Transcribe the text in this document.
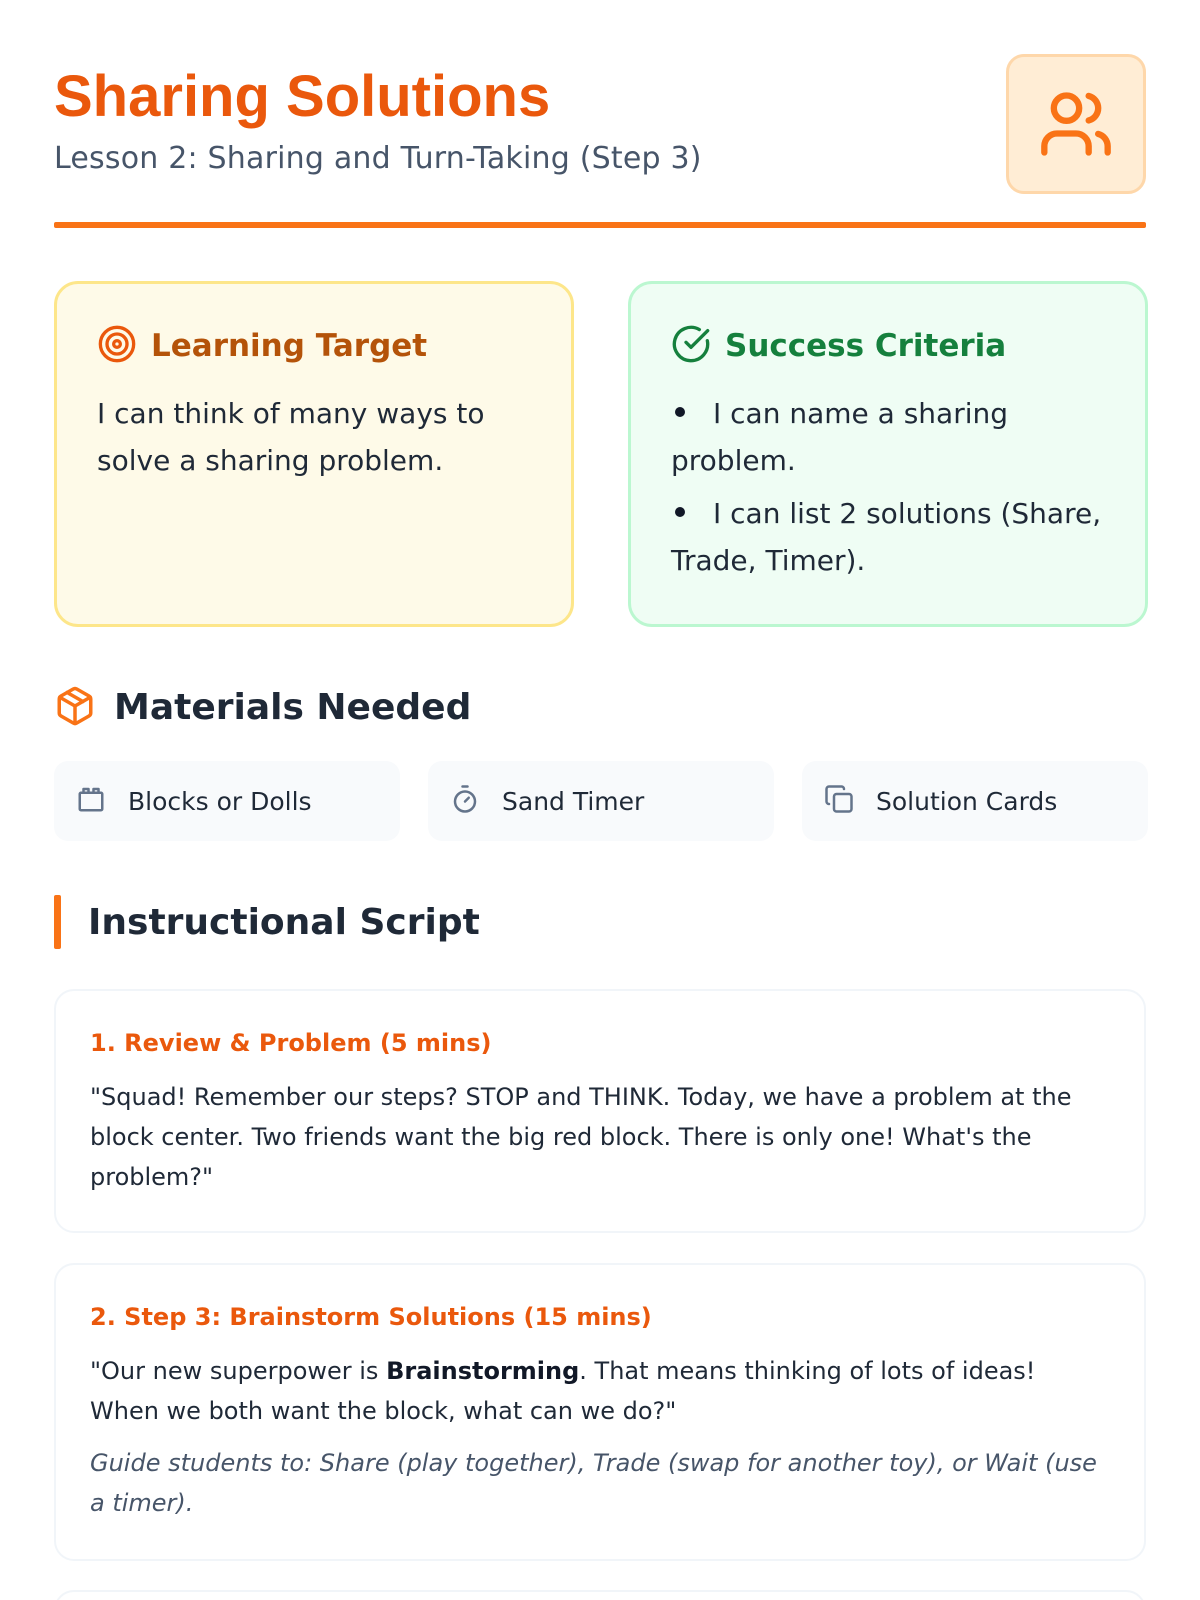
Sharing Solutions
Lesson 2: Sharing and Turn-Taking (Step 3)
Learning Target
I can think of many ways to solve a sharing problem.
Success Criteria
I can name a sharing problem.
I can list 2 solutions (Share, Trade, Timer).
Materials Needed
Blocks or Dolls	Sand Timer	Solution Cards
Instructional Script
1. Review & Problem (5 mins)
"Squad! Remember our steps? STOP and THINK. Today, we have a problem at the block center. Two friends want the big red block. There is only one! What's the problem?"
2. Step 3: Brainstorm Solutions (15 mins)
"Our new superpower is Brainstorming. That means thinking of lots of ideas! When we both want the block, what can we do?"
Guide students to: Share (play together), Trade (swap for another toy), or Wait (use a timer).
